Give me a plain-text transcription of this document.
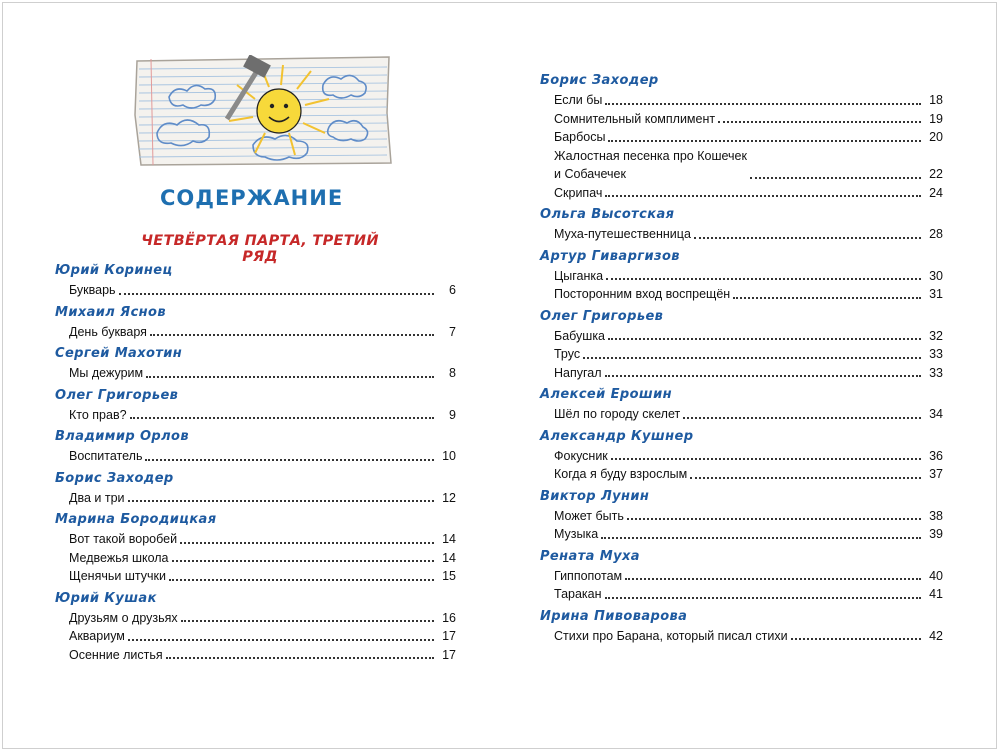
СОДЕРЖАНИЕ
ЧЕТВЁРТАЯ ПАРТА, ТРЕТИЙ РЯД
Юрий Коринец
Букварь	6
Михаил Яснов
День букваря	7
Сергей Махотин
Мы дежурим	8
Олег Григорьев
Кто прав?	9
Владимир Орлов
Воспитатель	10
Борис Заходер
Два и три	12
Марина Бородицкая
Вот такой воробей	14
Медвежья школа	14
Щенячьи штучки	15
Юрий Кушак
Друзьям о друзьях	16
Аквариум	17
Осенние листья	17
Борис Заходер
Если бы	18
Сомнительный комплимент	19
Барбосы	20
Жалостная песенка про Кошечек
и Собачечек	22
Скрипач	24
Ольга Высотская
Муха-путешественница	28
Артур Гиваргизов
Цыганка	30
Посторонним вход воспрещён	31
Олег Григорьев
Бабушка	32
Трус	33
Напугал	33
Алексей Ерошин
Шёл по городу скелет	34
Александр Кушнер
Фокусник	36
Когда я буду взрослым	37
Виктор Лунин
Может быть	38
Музыка	39
Рената Муха
Гиппопотам	40
Таракан	41
Ирина Пивоварова
Стихи про Барана, который писал стихи	42
